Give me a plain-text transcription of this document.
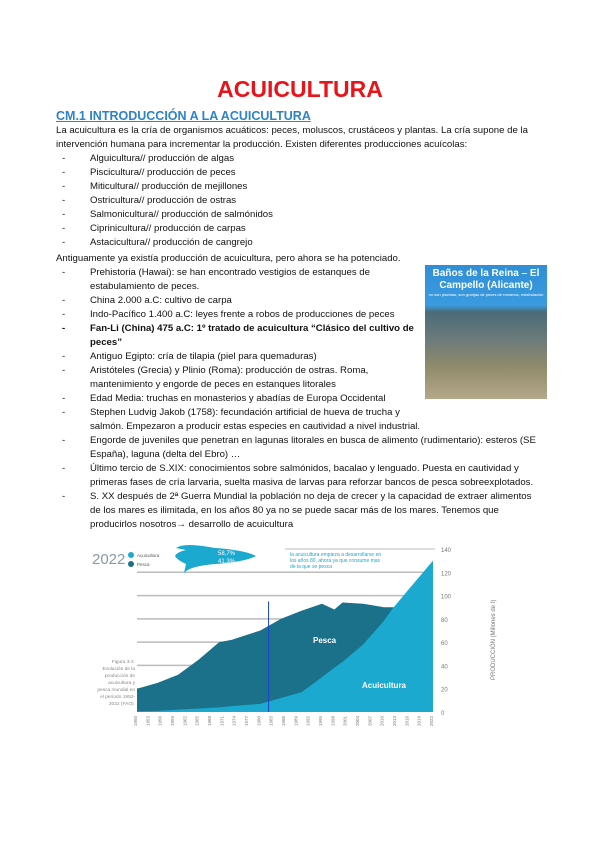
ACUICULTURA
CM.1 INTRODUCCIÓN A LA ACUICULTURA
La acuicultura es la cría de organismos acuáticos: peces, moluscos, crustáceos y plantas. La cría supone de la intervención humana para incrementar la producción. Existen diferentes producciones acuícolas:
- Alguicultura// producción de algas
- Piscicultura// producción de peces
- Miticultura// producción de mejillones
- Ostricultura// producción de ostras
- Salmonicultura// producción de salmónidos
- Ciprinicultura// producción de carpas
- Astacicultura// producción de cangrejo
Antiguamente ya existía producción de acuicultura, pero ahora se ha potenciado.
- Prehistoria (Hawai): se han encontrado vestigios de estanques de estabulamiento de peces.
- China 2.000 a.C: cultivo de carpa
- Indo-Pacífico 1.400 a.C: leyes frente a robos de producciones de peces
- Fan-Li (China) 475 a.C: 1º tratado de acuicultura “Clásico del cultivo de peces”
- Antiguo Egipto: cría de tilapia (piel para quemaduras)
- Aristóteles (Grecia) y Plinio (Roma): producción de ostras. Roma, mantenimiento y engorde de peces en estanques litorales
- Edad Media: truchas en monasterios y abadías de Europa Occidental
- Stephen Ludvig Jakob (1758): fecundación artificial de hueva de trucha y salmón. Empezaron a producir estas especies en cautividad a nivel industrial.
- Engorde de juveniles que penetran en lagunas litorales en busca de alimento (rudimentario): esteros (SE España), laguna (delta del Ebro) …
- Último tercio de S.XIX: conocimientos sobre salmónidos, bacalao y lenguado. Puesta en cautividad y primeras fases de cría larvaria, suelta masiva de larvas para reforzar bancos de pesca sobreexplotados.
- S. XX después de 2ª Guerra Mundial la población no deja de crecer y la capacidad de extraer alimentos de los mares es ilimitada, en los años 80 ya no se puede sacar más de los mares. Tenemos que producirlos nosotros→ desarrollo de acuicultura
Baños de la Reina – El Campello (Alicante)
no son piscinas, son granjas de peces de romanos, estabulación
0
20
40
60
80
100
120
140
1950 1953 1956 1959 1962 1965 1968 1971 1974 1977 1980 1983 1986 1989 1992 1995 1998 2001 2004 2007 2010 2013 2016 2019 2022
PRODUCCIÓN (Millones de t)
Pesca
Acuicultura
2022	Acuicultura
Pesca
58,7%
41,3%
la acuicultura empieza a desarrollarse en los años 80, ahora ya que consume mas de la que se pesca
Figura 3-2. Evolución de la producción de acuicultura y pesca mundial en el período 1952-2022 (FAO).
